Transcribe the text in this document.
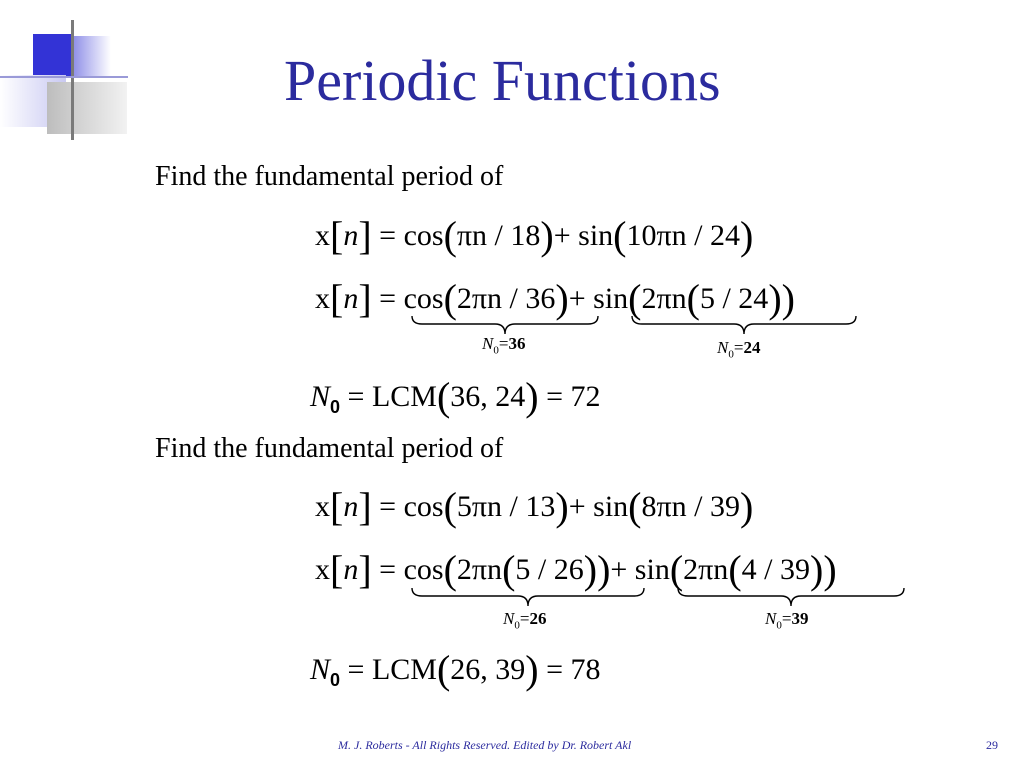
Periodic Functions
Find the fundamental period of
x[n] = cos(πn / 18)+ sin(10πn / 24)
x[n] = cos(2πn / 36)+ sin(2πn(5 / 24))
$N_0=36$	$N_0=24$
$N_0 = LCM(36$, 24) = 72
Find the fundamental period of
x[n] = cos(5πn / 13)+ sin(8πn / 39)
x[n] = cos(2πn(5 / 26))+ sin(2πn(4 / 39))
$N_0=26$	$N_0=39$
$N_0 = LCM(26$, 39) = 78
M. J. Roberts - All Rights Reserved. Edited by Dr. Robert Akl	29
